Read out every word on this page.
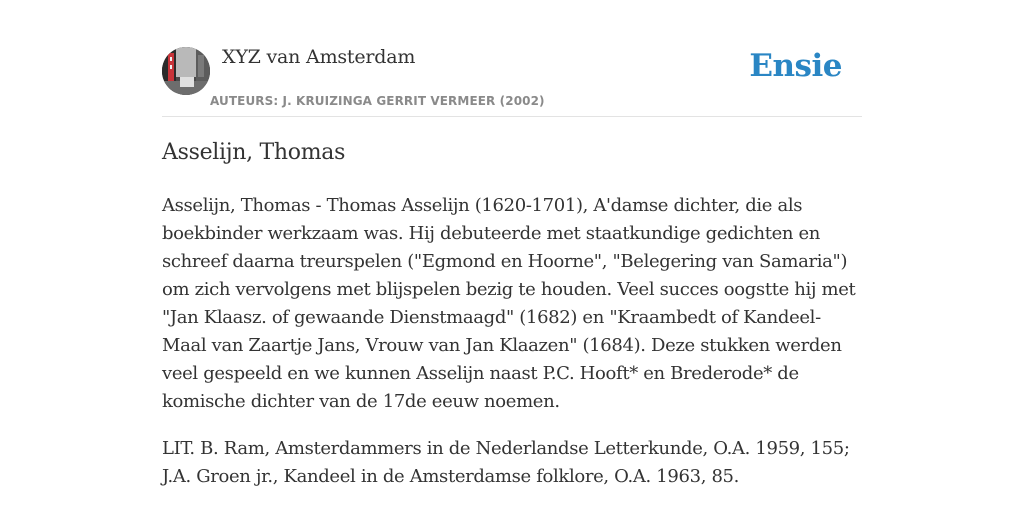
XYZ van Amsterdam
AUTEURS: J. KRUIZINGA GERRIT VERMEER (2002)
Ensie
Asselijn, Thomas

Asselijn, Thomas - Thomas Asselijn (1620-1701), A'damse dichter, die als boekbinder werkzaam was. Hij debuteerde met staatkundige gedichten en schreef daarna treurspelen ("Egmond en Hoorne", "Belegering van Samaria") om zich vervolgens met blijspelen bezig te houden. Veel succes oogstte hij met "Jan Klaasz. of gewaande Dienstmaagd" (1682) en "Kraambedt of Kandeel-Maal van Zaartje Jans, Vrouw van Jan Klaazen" (1684). Deze stukken werden veel gespeeld en we kunnen Asselijn naast P.C. Hooft* en Brederode* de komische dichter van de 17de eeuw noemen.

LIT. B. Ram, Amsterdammers in de Nederlandse Letterkunde, O.A. 1959, 155; J.A. Groen jr., Kandeel in de Amsterdamse folklore, O.A. 1963, 85.
